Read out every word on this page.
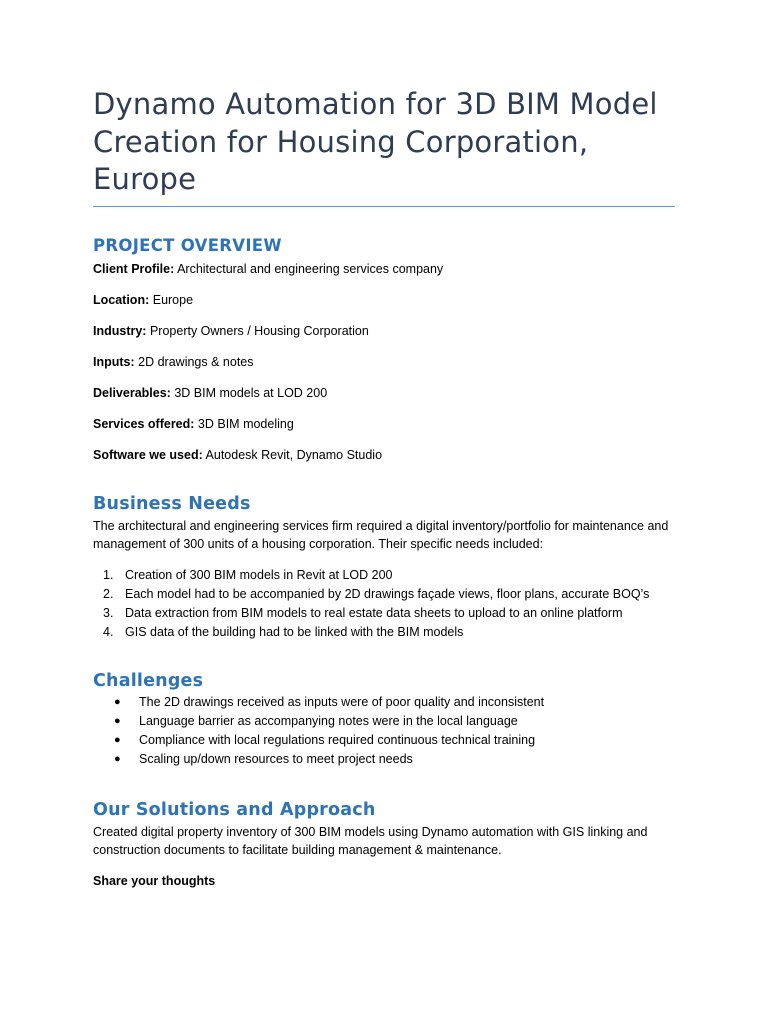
Dynamo Automation for 3D BIM Model Creation for Housing Corporation, Europe
PROJECT OVERVIEW

Client Profile: Architectural and engineering services company

Location: Europe

Industry: Property Owners / Housing Corporation

Inputs: 2D drawings & notes

Deliverables: 3D BIM models at LOD 200

Services offered: 3D BIM modeling

Software we used: Autodesk Revit, Dynamo Studio

Business Needs

The architectural and engineering services firm required a digital inventory/portfolio for maintenance and management of 300 units of a housing corporation. Their specific needs included:

1. Creation of 300 BIM models in Revit at LOD 200
2. Each model had to be accompanied by 2D drawings façade views, floor plans, accurate BOQ’s
3. Data extraction from BIM models to real estate data sheets to upload to an online platform
4. GIS data of the building had to be linked with the BIM models
Challenges
● The 2D drawings received as inputs were of poor quality and inconsistent
● Language barrier as accompanying notes were in the local language
● Compliance with local regulations required continuous technical training
● Scaling up/down resources to meet project needs
Our Solutions and Approach

Created digital property inventory of 300 BIM models using Dynamo automation with GIS linking and construction documents to facilitate building management & maintenance.

Share your thoughts
